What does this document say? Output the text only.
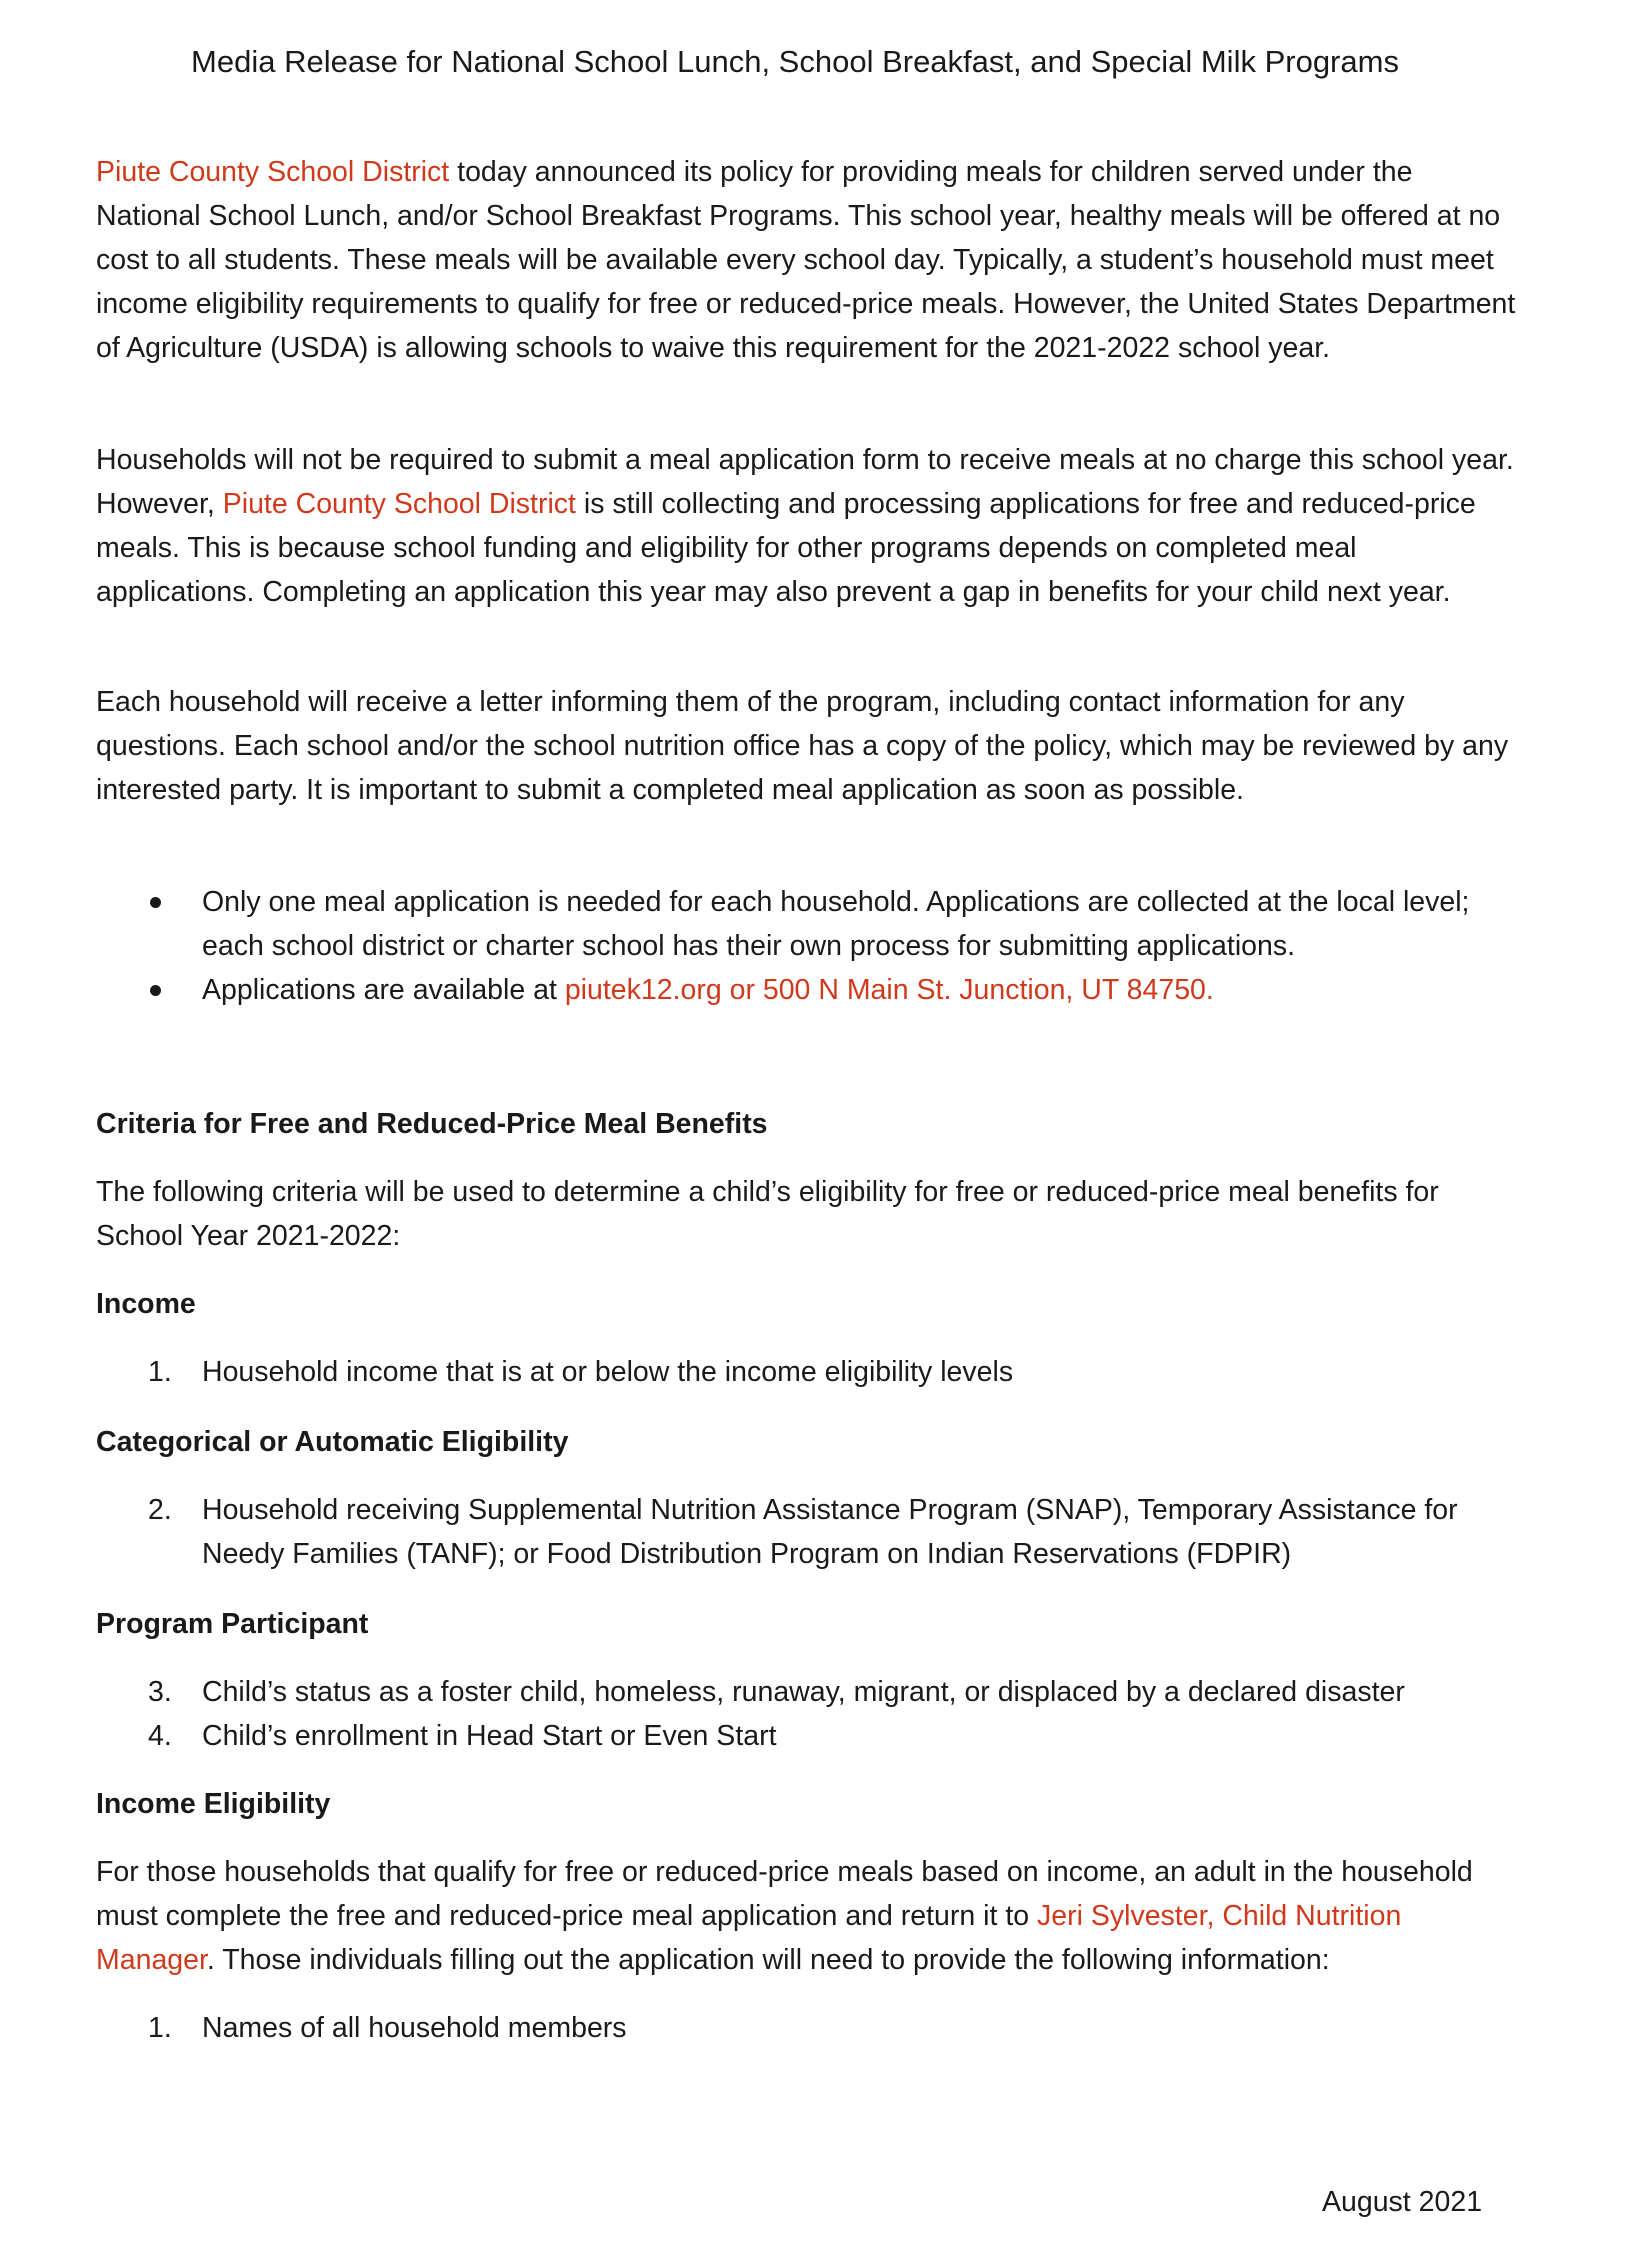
Media Release for National School Lunch, School Breakfast, and Special Milk Programs

Piute County School District today announced its policy for providing meals for children served under the National School Lunch, and/or School Breakfast Programs. This school year, healthy meals will be offered at no cost to all students. These meals will be available every school day. Typically, a student’s household must meet income eligibility requirements to qualify for free or reduced-price meals. However, the United States Department of Agriculture (USDA) is allowing schools to waive this requirement for the 2021-2022 school year.

Households will not be required to submit a meal application form to receive meals at no charge this school year. However, Piute County School District is still collecting and processing applications for free and reduced-price meals. This is because school funding and eligibility for other programs depends on completed meal applications. Completing an application this year may also prevent a gap in benefits for your child next year.

Each household will receive a letter informing them of the program, including contact information for any questions. Each school and/or the school nutrition office has a copy of the policy, which may be reviewed by any interested party. It is important to submit a completed meal application as soon as possible.

Only one meal application is needed for each household. Applications are collected at the local level; each school district or charter school has their own process for submitting applications.
Applications are available at piutek12.org or 500 N Main St. Junction, UT 84750.

Criteria for Free and Reduced-Price Meal Benefits

The following criteria will be used to determine a child’s eligibility for free or reduced-price meal benefits for School Year 2021-2022:

Income

1. Household income that is at or below the income eligibility levels

Categorical or Automatic Eligibility

2. Household receiving Supplemental Nutrition Assistance Program (SNAP), Temporary Assistance for Needy Families (TANF); or Food Distribution Program on Indian Reservations (FDPIR)

Program Participant

3. Child’s status as a foster child, homeless, runaway, migrant, or displaced by a declared disaster
4. Child’s enrollment in Head Start or Even Start

Income Eligibility

For those households that qualify for free or reduced-price meals based on income, an adult in the household must complete the free and reduced-price meal application and return it to Jeri Sylvester, Child Nutrition Manager. Those individuals filling out the application will need to provide the following information:

1. Names of all household members
August 2021
